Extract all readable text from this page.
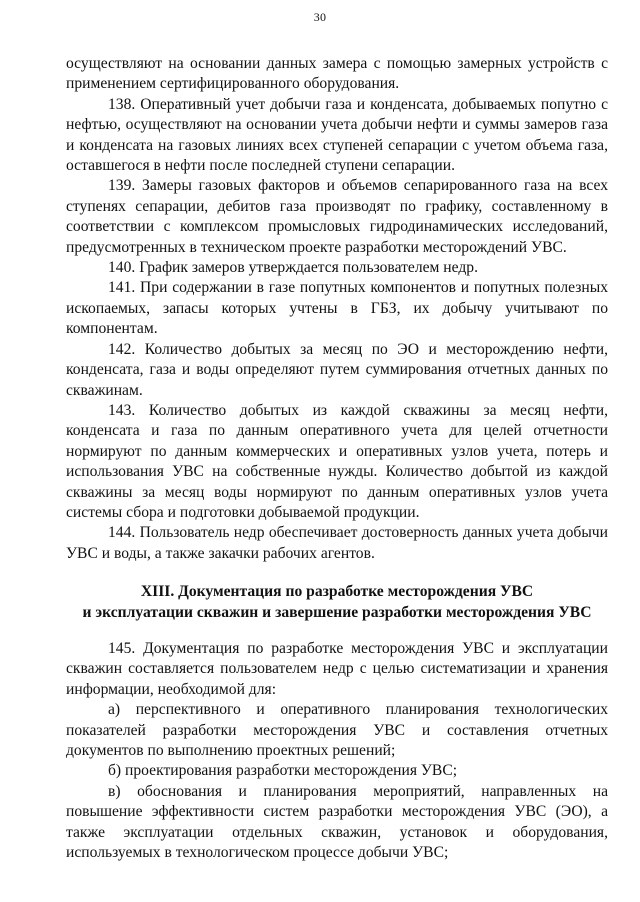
30

осуществляют на основании данных замера с помощью замерных устройств с применением сертифицированного оборудования.

138. Оперативный учет добычи газа и конденсата, добываемых попутно с нефтью, осуществляют на основании учета добычи нефти и суммы замеров газа и конденсата на газовых линиях всех ступеней сепарации с учетом объема газа, оставшегося в нефти после последней ступени сепарации.

139. Замеры газовых факторов и объемов сепарированного газа на всех ступенях сепарации, дебитов газа производят по графику, составленному в соответствии с комплексом промысловых гидродинамических исследований, предусмотренных в техническом проекте разработки месторождений УВС.

140. График замеров утверждается пользователем недр.

141. При содержании в газе попутных компонентов и попутных полезных ископаемых, запасы которых учтены в ГБЗ, их добычу учитывают по компонентам.

142. Количество добытых за месяц по ЭО и месторождению нефти, конденсата, газа и воды определяют путем суммирования отчетных данных по скважинам.

143. Количество добытых из каждой скважины за месяц нефти, конденсата и газа по данным оперативного учета для целей отчетности нормируют по данным коммерческих и оперативных узлов учета, потерь и использования УВС на собственные нужды. Количество добытой из каждой скважины за месяц воды нормируют по данным оперативных узлов учета системы сбора и подготовки добываемой продукции.

144. Пользователь недр обеспечивает достоверность данных учета добычи УВС и воды, а также закачки рабочих агентов.

XIII. Документация по разработке месторождения УВС
и эксплуатации скважин и завершение разработки месторождения УВС

145. Документация по разработке месторождения УВС и эксплуатации скважин составляется пользователем недр с целью систематизации и хранения информации, необходимой для:

а) перспективного и оперативного планирования технологических показателей разработки месторождения УВС и составления отчетных документов по выполнению проектных решений;

б) проектирования разработки месторождения УВС;

в) обоснования и планирования мероприятий, направленных на повышение эффективности систем разработки месторождения УВС (ЭО), а также эксплуатации отдельных скважин, установок и оборудования, используемых в технологическом процессе добычи УВС;
